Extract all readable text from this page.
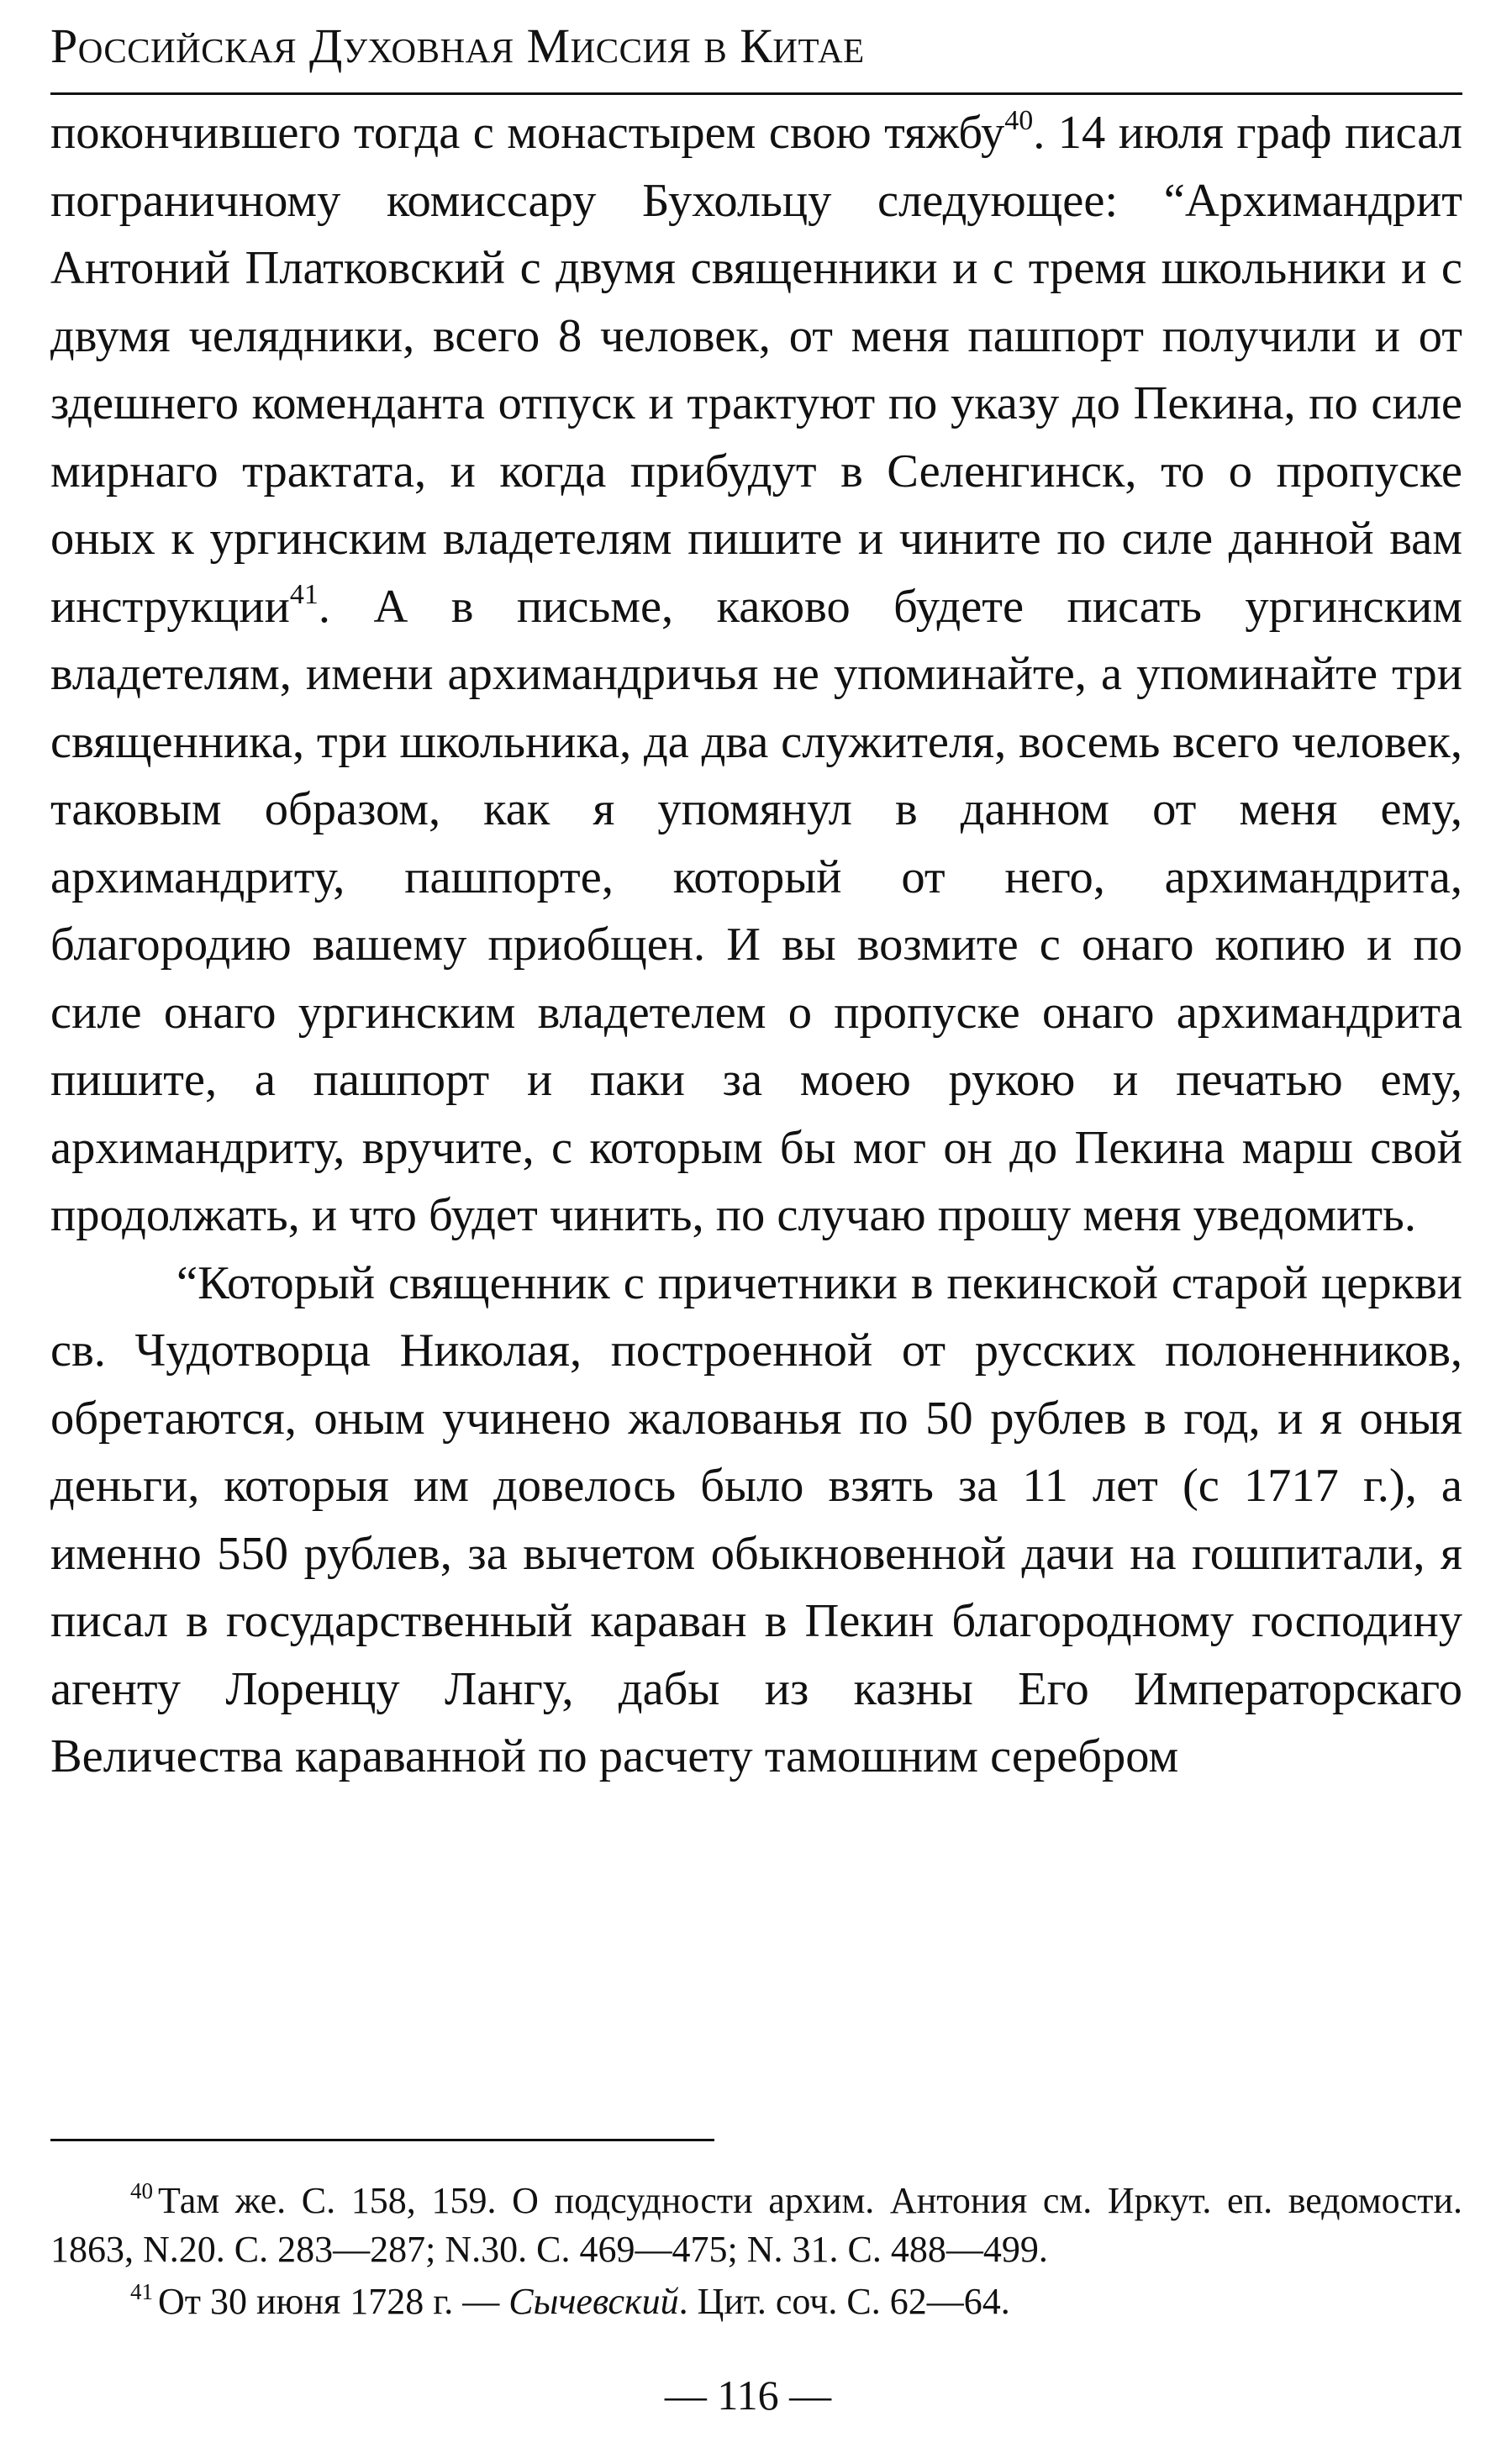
Российская Духовная Миссия в Китае

покончившего тогда с монастырем свою тяжбу$^{40}$. 14 июля граф писал пограничному комиссару Бухольцу следующее: “Архимандрит Антоний Платковский с двумя священники и с тремя школьники и с двумя челядники, всего 8 человек, от меня пашпорт получили и от здешнего коменданта отпуск и трактуют по указу до Пекина, по силе мирнаго трактата, и когда прибудут в Селенгинск, то о пропуске оных к ургинским владетелям пишите и чините по силе данной вам инструкции$^{41}$. А в письме, каково будете писать ургинским владетелям, имени архимандричья не упоминайте, а упоминайте три священника, три школьника, да два служителя, восемь всего человек, таковым образом, как я упомянул в данном от меня ему, архимандриту, пашпорте, который от него, архимандрита, благородию вашему приобщен. И вы возмите с онаго копию и по силе онаго ургинским владетелем о пропуске онаго архимандрита пишите, а пашпорт и паки за моею рукою и печатью ему, архимандриту, вручите, с которым бы мог он до Пекина марш свой продолжать, и что будет чинить, по случаю прошу меня уведомить.

“Который священник с причетники в пекинской старой церкви св. Чудотворца Николая, построенной от русских полоненников, обретаются, оным учинено жалованья по 50 рублев в год, и я оныя деньги, которыя им довелось было взять за 11 лет (с 1717 г.), а именно 550 рублев, за вычетом обыкновенной дачи на гошпитали, я писал в государственный караван в Пекин благородному господину агенту Лоренцу Лангу, дабы из казны Его Императорскаго Величества караванной по расчету тамошним серебром

$^{40}$ Там же. С. 158, 159. О подсудности архим. Антония см. Иркут. еп. ведомости. 1863, N.20. С. 283—287; N.30. С. 469—475; N. 31. С. 488—499.

$^{41}$ От 30 июня 1728 г. — Сычевский. Цит. соч. С. 62—64.

— 116 —
